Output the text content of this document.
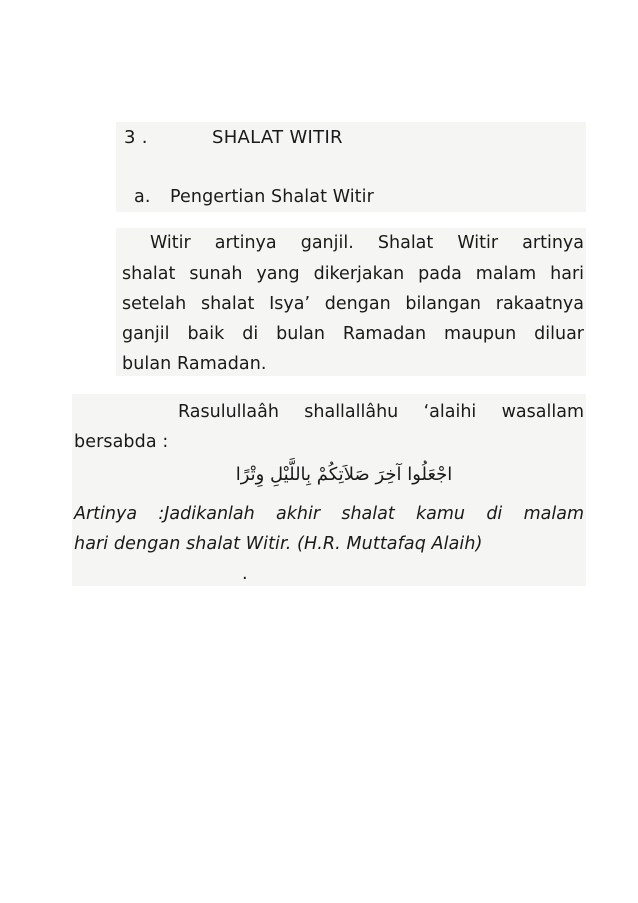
3 .	SHALAT WITIR
a. Pengertian Shalat Witir
Witir artinya ganjil. Shalat Witir artinya
shalat sunah yang dikerjakan pada malam hari
setelah shalat Isya’ dengan bilangan rakaatnya
ganjil baik di bulan Ramadan maupun diluar
bulan Ramadan.
Rasulullaâh shallallâhu ‘alaihi wasallam
bersabda :
اجْعَلُوا آخِرَ صَلاَتِكُمْ بِاللَّيْلِ وِتْرًا
Artinya :Jadikanlah akhir shalat kamu di malam
hari dengan shalat Witir. (H.R. Muttafaq Alaih)
.
